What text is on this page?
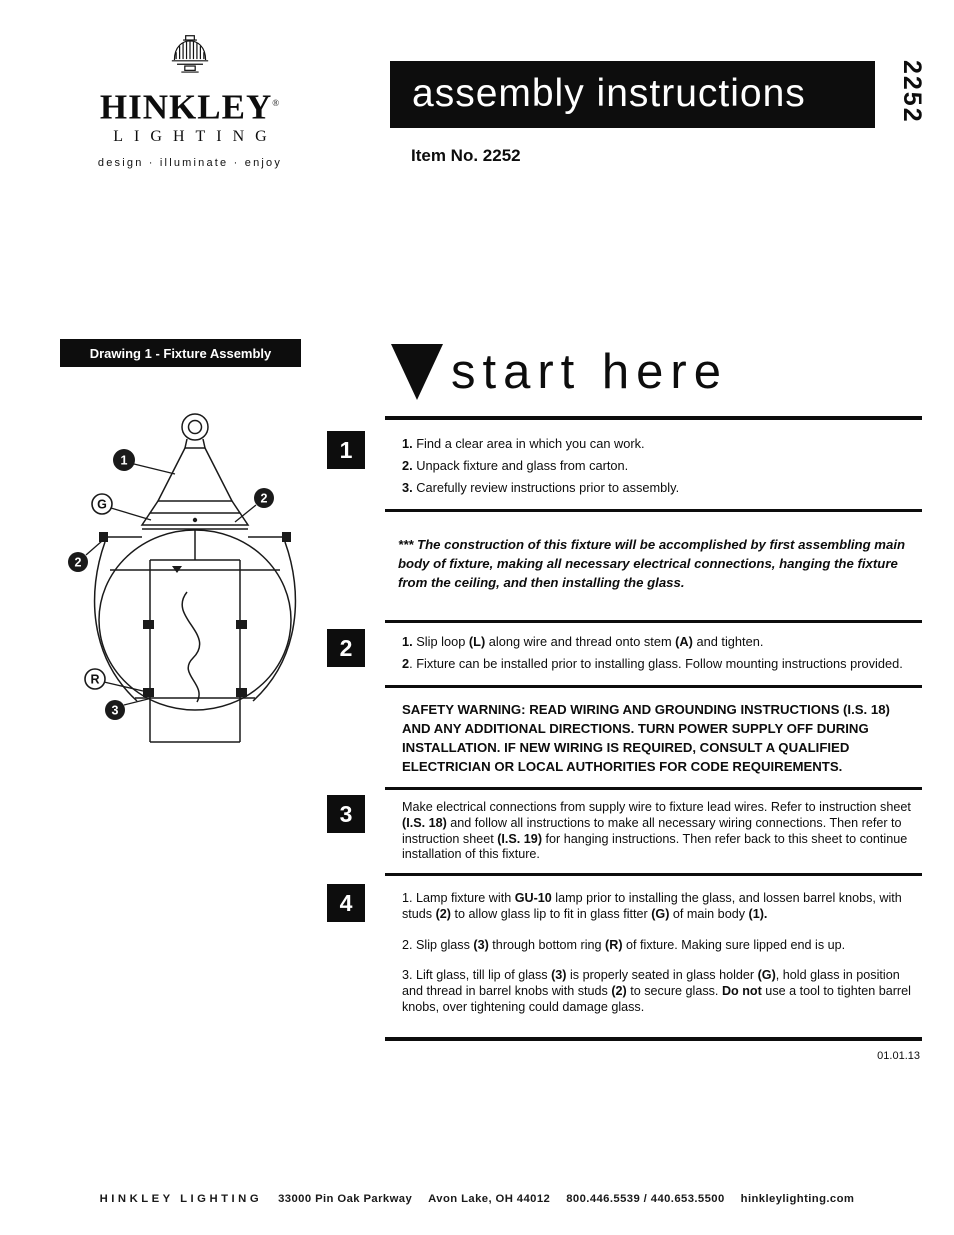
HINKLEY®
LIGHTING
design · illuminate · enjoy
assembly instructions
Item No. 2252
2252
Drawing 1 - Fixture Assembly
1
G	2
2
R
3
start here
1	1. Find a clear area in which you can work.

2. Unpack fixture and glass from carton.

3. Carefully review instructions prior to assembly.

*** The construction of this fixture will be accomplished by first assembling main body of fixture, making all necessary electrical connections, hanging the fixture from the ceiling, and then installing the glass.
2	1. Slip loop (L) along wire and thread onto stem (A) and tighten.

2. Fixture can be installed prior to installing glass. Follow mounting instructions provided.

SAFETY WARNING: READ WIRING AND GROUNDING INSTRUCTIONS (I.S. 18) AND ANY ADDITIONAL DIRECTIONS. TURN POWER SUPPLY OFF DURING INSTALLATION. IF NEW WIRING IS REQUIRED, CONSULT A QUALIFIED ELECTRICIAN OR LOCAL AUTHORITIES FOR CODE REQUIREMENTS.
3	Make electrical connections from supply wire to fixture lead wires. Refer to instruction sheet (I.S. 18) and follow all instructions to make all necessary wiring connections. Then refer to instruction sheet (I.S. 19) for hanging instructions. Then refer back to this sheet to continue installation of this fixture.

4	1. Lamp fixture with GU-10 lamp prior to installing the glass, and lossen barrel knobs, with studs (2) to allow glass lip to fit in glass fitter (G) of main body (1).

2. Slip glass (3) through bottom ring (R) of fixture. Making sure lipped end is up.

3. Lift glass, till lip of glass (3) is properly seated in glass holder (G), hold glass in position and thread in barrel knobs with studs (2) to secure glass. Do not use a tool to tighten barrel knobs, over tightening could damage glass.

01.01.13
HINKLEY LIGHTING 33000 Pin Oak Parkway Avon Lake, OH 44012 800.446.5539 / 440.653.5500 hinkleylighting.com
